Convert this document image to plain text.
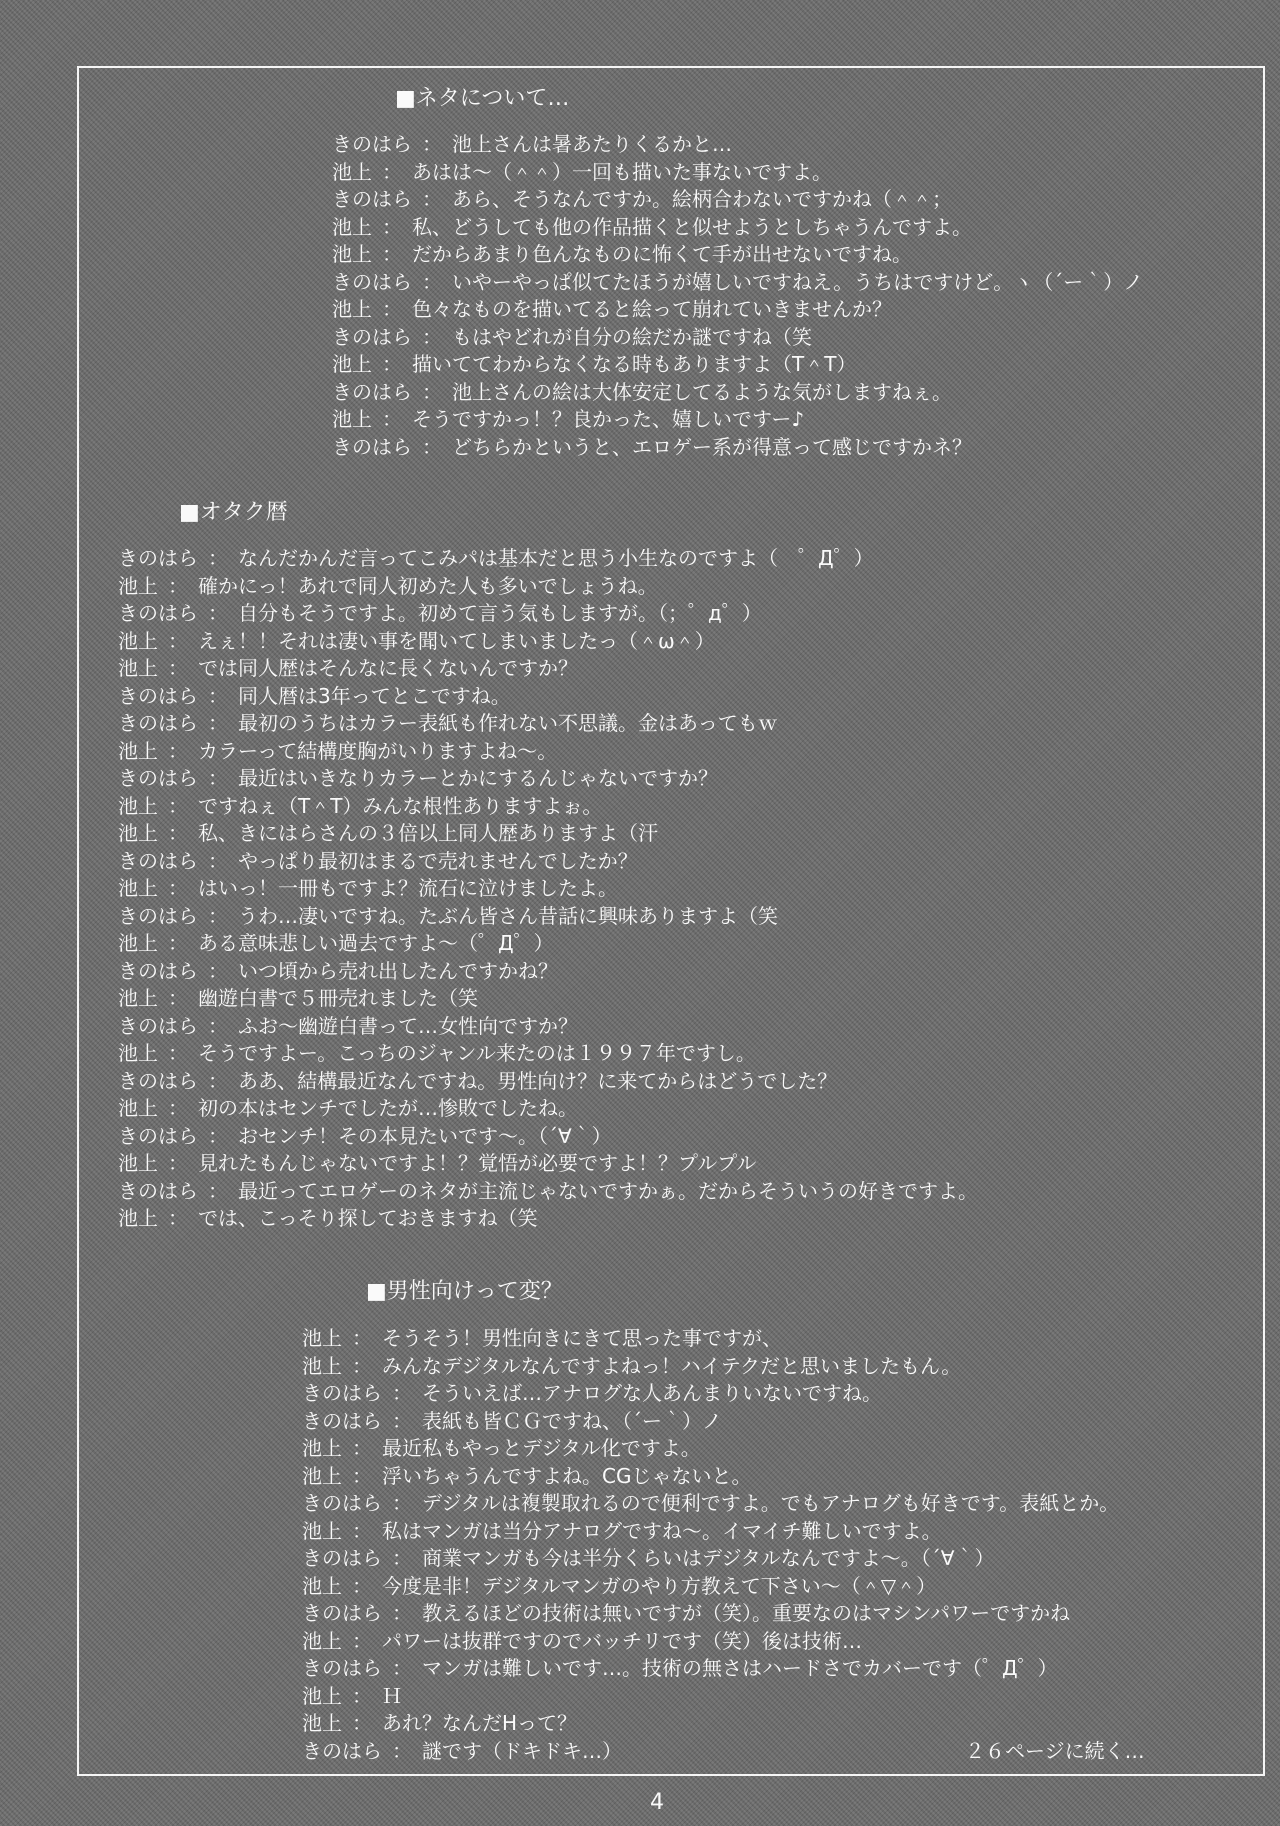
■ネタについて…
きのはら ： 池上さんは暑あたりくるかと…
池上 ： あはは～（＾＾）一回も描いた事ないですよ。
きのはら ： あら、そうなんですか。絵柄合わないですかね（＾＾；
池上 ： 私、どうしても他の作品描くと似せようとしちゃうんですよ。
池上 ： だからあまり色んなものに怖くて手が出せないですね。
きのはら ： いやーやっぱ似てたほうが嬉しいですねえ。うちはですけど。ヽ（´ー｀）ノ
池上 ： 色々なものを描いてると絵って崩れていきませんか？
きのはら ： もはやどれが自分の絵だか謎ですね（笑
池上 ： 描いててわからなくなる時もありますよ（T＾T）
きのはら ： 池上さんの絵は大体安定してるような気がしますねぇ。
池上 ： そうですかっ！？良かった、嬉しいですー♪
きのはら ： どちらかというと、エロゲー系が得意って感じですかネ？
■オタク暦
きのはら ： なんだかんだ言ってこみパは基本だと思う小生なのですよ（　゜Д゜）
池上 ： 確かにっ！あれで同人初めた人も多いでしょうね。
きのはら ： 自分もそうですよ。初めて言う気もしますが。（；゜д゜）
池上 ： えぇ！！それは凄い事を聞いてしまいましたっ（＾ω＾）
池上 ： では同人歴はそんなに長くないんですか？
きのはら ： 同人暦は3年ってとこですね。
きのはら ： 最初のうちはカラー表紙も作れない不思議。金はあってもｗ
池上 ： カラーって結構度胸がいりますよね～。
きのはら ： 最近はいきなりカラーとかにするんじゃないですか？
池上 ： ですねぇ（T＾T）みんな根性ありますよぉ。
池上 ： 私、きにはらさんの３倍以上同人歴ありますよ（汗
きのはら ： やっぱり最初はまるで売れませんでしたか？
池上 ： はいっ！一冊もですよ？流石に泣けましたよ。
きのはら ： うわ…凄いですね。たぶん皆さん昔話に興味ありますよ（笑
池上 ： ある意味悲しい過去ですよ～（゜Д゜）
きのはら ： いつ頃から売れ出したんですかね？
池上 ： 幽遊白書で５冊売れました（笑
きのはら ： ふお～幽遊白書って…女性向ですか？
池上 ： そうですよー。こっちのジャンル来たのは１９９７年ですし。
きのはら ： ああ、結構最近なんですね。男性向け？に来てからはどうでした？
池上 ： 初の本はセンチでしたが…惨敗でしたね。
きのはら ： おセンチ！その本見たいです～。（´∀｀）
池上 ： 見れたもんじゃないですよ！？覚悟が必要ですよ！？プルプル
きのはら ： 最近ってエロゲーのネタが主流じゃないですかぁ。だからそういうの好きですよ。
池上 ： では、こっそり探しておきますね（笑
■男性向けって変？
池上 ： そうそう！男性向きにきて思った事ですが、
池上 ： みんなデジタルなんですよねっ！ハイテクだと思いましたもん。
きのはら ： そういえば…アナログな人あんまりいないですね。
きのはら ： 表紙も皆ＣＧですね、（´ー｀）ノ
池上 ： 最近私もやっとデジタル化ですよ。
池上 ： 浮いちゃうんですよね。CGじゃないと。
きのはら ： デジタルは複製取れるので便利ですよ。でもアナログも好きです。表紙とか。
池上 ： 私はマンガは当分アナログですね～。イマイチ難しいですよ。
きのはら ： 商業マンガも今は半分くらいはデジタルなんですよ～。（´∀｀）
池上 ： 今度是非！デジタルマンガのやり方教えて下さい～（＾▽＾）
きのはら ： 教えるほどの技術は無いですが（笑）。重要なのはマシンパワーですかね
池上 ： パワーは抜群ですのでバッチリです（笑）後は技術…
きのはら ： マンガは難しいです…。技術の無さはハードさでカバーです（゜Д゜）
池上 ： Ｈ
池上 ： あれ？なんだHって？
きのはら ： 謎です（ドキドキ…）	２６ページに続く…
4
